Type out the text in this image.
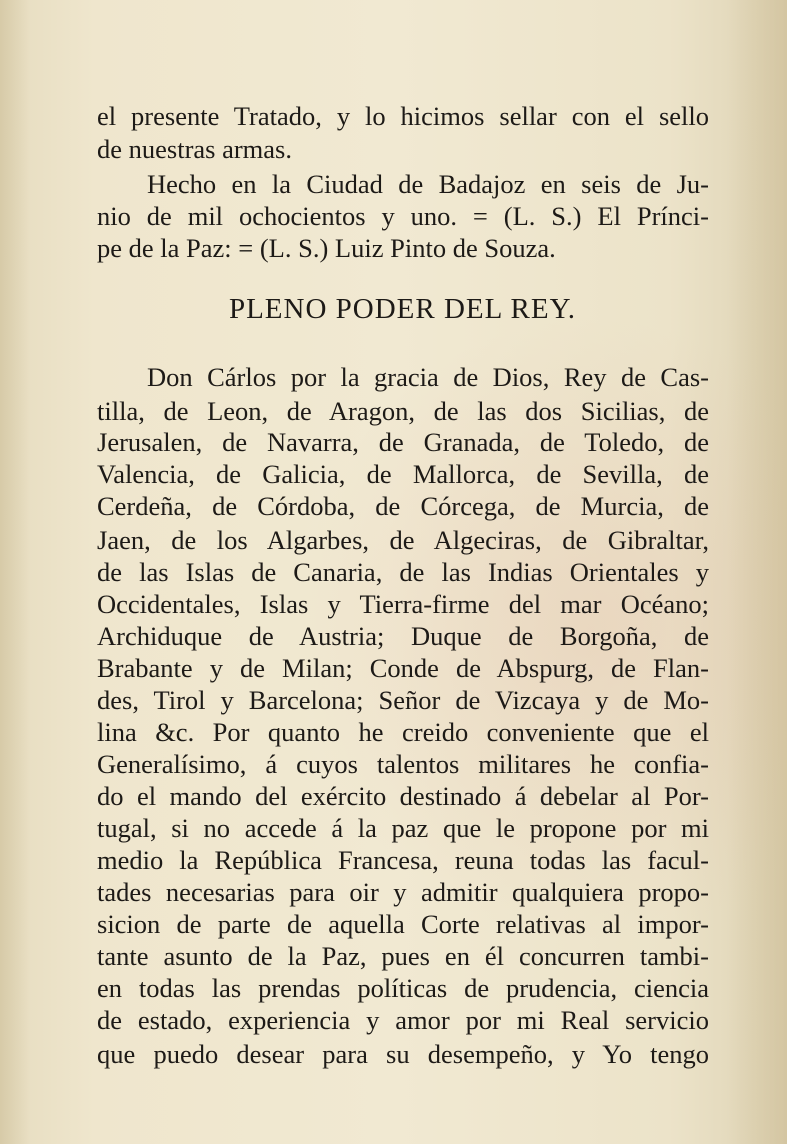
el presente Tratado, y lo hicimos sellar con el sello
de nuestras armas.
Hecho en la Ciudad de Badajoz en seis de Ju-
nio de mil ochocientos y uno. = (L. S.) El Prínci-
pe de la Paz: = (L. S.) Luiz Pinto de Souza.
PLENO PODER DEL REY.
Don Cárlos por la gracia de Dios, Rey de Cas-
tilla, de Leon, de Aragon, de las dos Sicilias, de
Jerusalen, de Navarra, de Granada, de Toledo, de
Valencia, de Galicia, de Mallorca, de Sevilla, de
Cerdeña, de Córdoba, de Córcega, de Murcia, de
Jaen, de los Algarbes, de Algeciras, de Gibraltar,
de las Islas de Canaria, de las Indias Orientales y
Occidentales, Islas y Tierra-firme del mar Océano;
Archiduque de Austria; Duque de Borgoña, de
Brabante y de Milan; Conde de Abspurg, de Flan-
des, Tirol y Barcelona; Señor de Vizcaya y de Mo-
lina &c. Por quanto he creido conveniente que el
Generalísimo, á cuyos talentos militares he confia-
do el mando del exército destinado á debelar al Por-
tugal, si no accede á la paz que le propone por mi
medio la República Francesa, reuna todas las facul-
tades necesarias para oir y admitir qualquiera propo-
sicion de parte de aquella Corte relativas al impor-
tante asunto de la Paz, pues en él concurren tambi-
en todas las prendas políticas de prudencia, ciencia
de estado, experiencia y amor por mi Real servicio
que puedo desear para su desempeño, y Yo tengo
